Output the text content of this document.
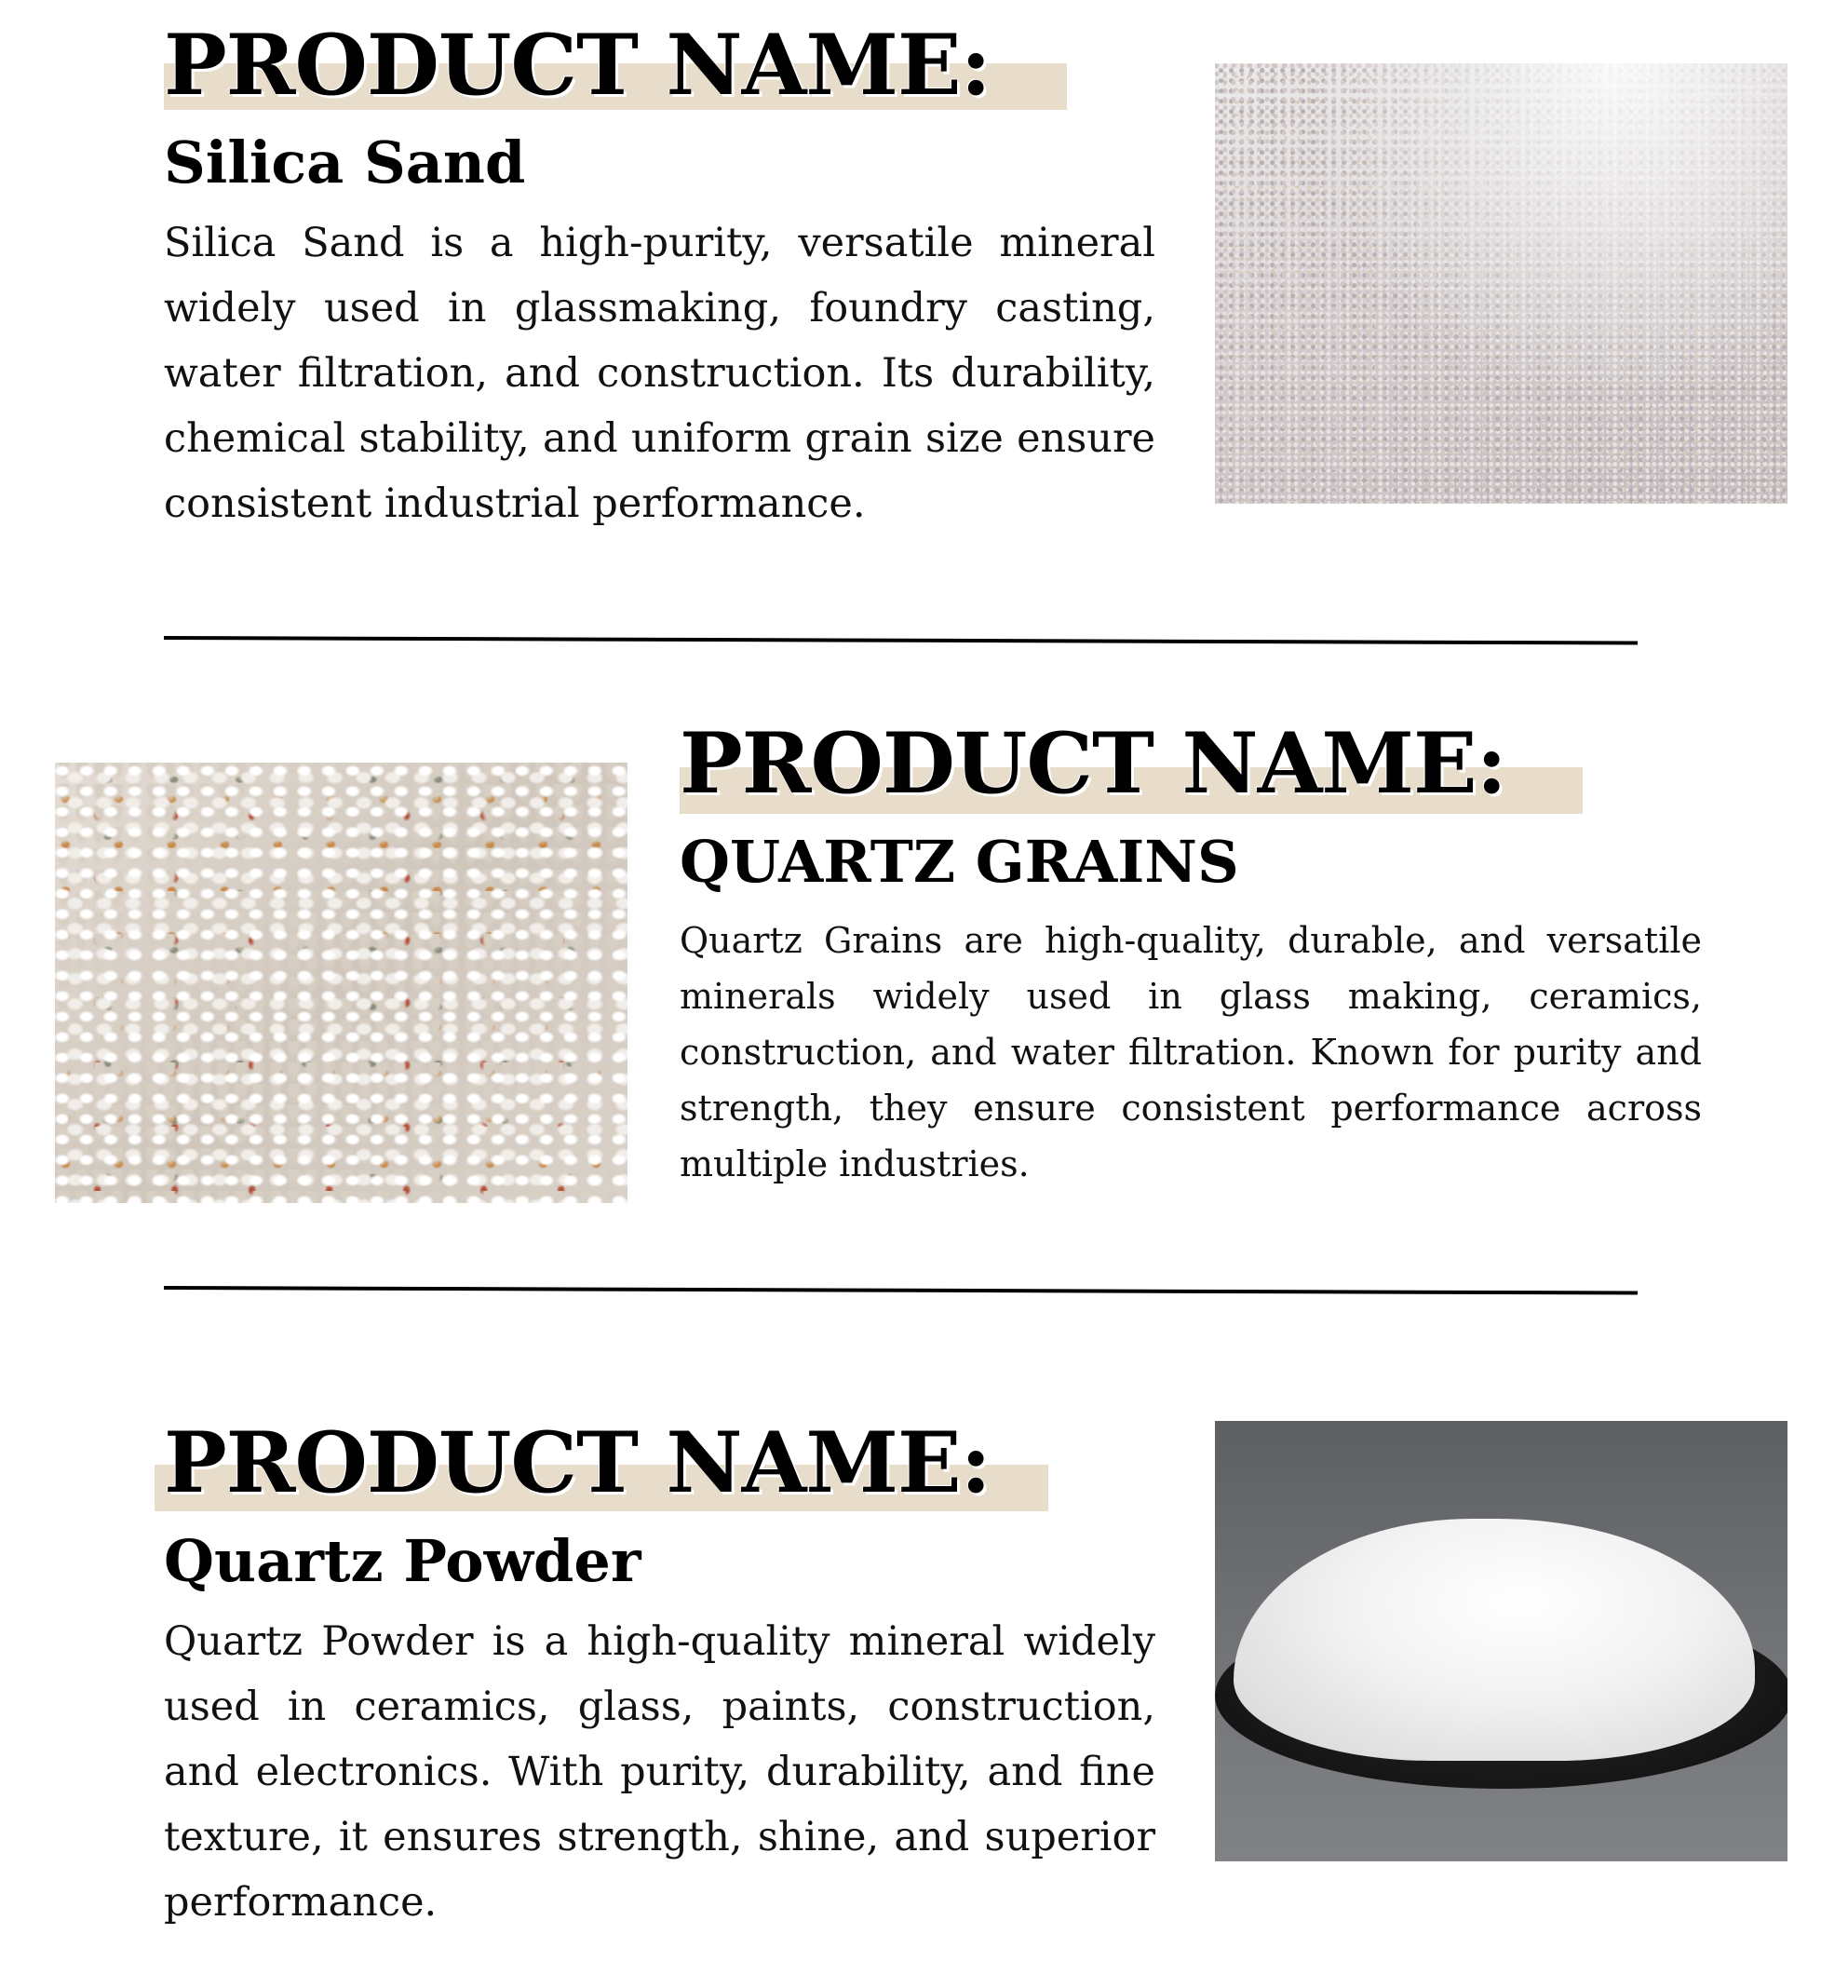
PRODUCT NAME:
Silica Sand

Silica Sand is a high-purity, versatile mineral widely used in glassmaking, foundry casting, water filtration, and construction. Its durability, chemical stability, and uniform grain size ensure consistent industrial performance.

PRODUCT NAME:
QUARTZ GRAINS

Quartz Grains are high-quality, durable, and versatile minerals widely used in glass making, ceramics, construction, and water filtration. Known for purity and strength, they ensure consistent performance across multiple industries.

PRODUCT NAME:
Quartz Powder

Quartz Powder is a high-quality mineral widely used in ceramics, glass, paints, construction, and electronics. With purity, durability, and fine texture, it ensures strength, shine, and superior performance.
